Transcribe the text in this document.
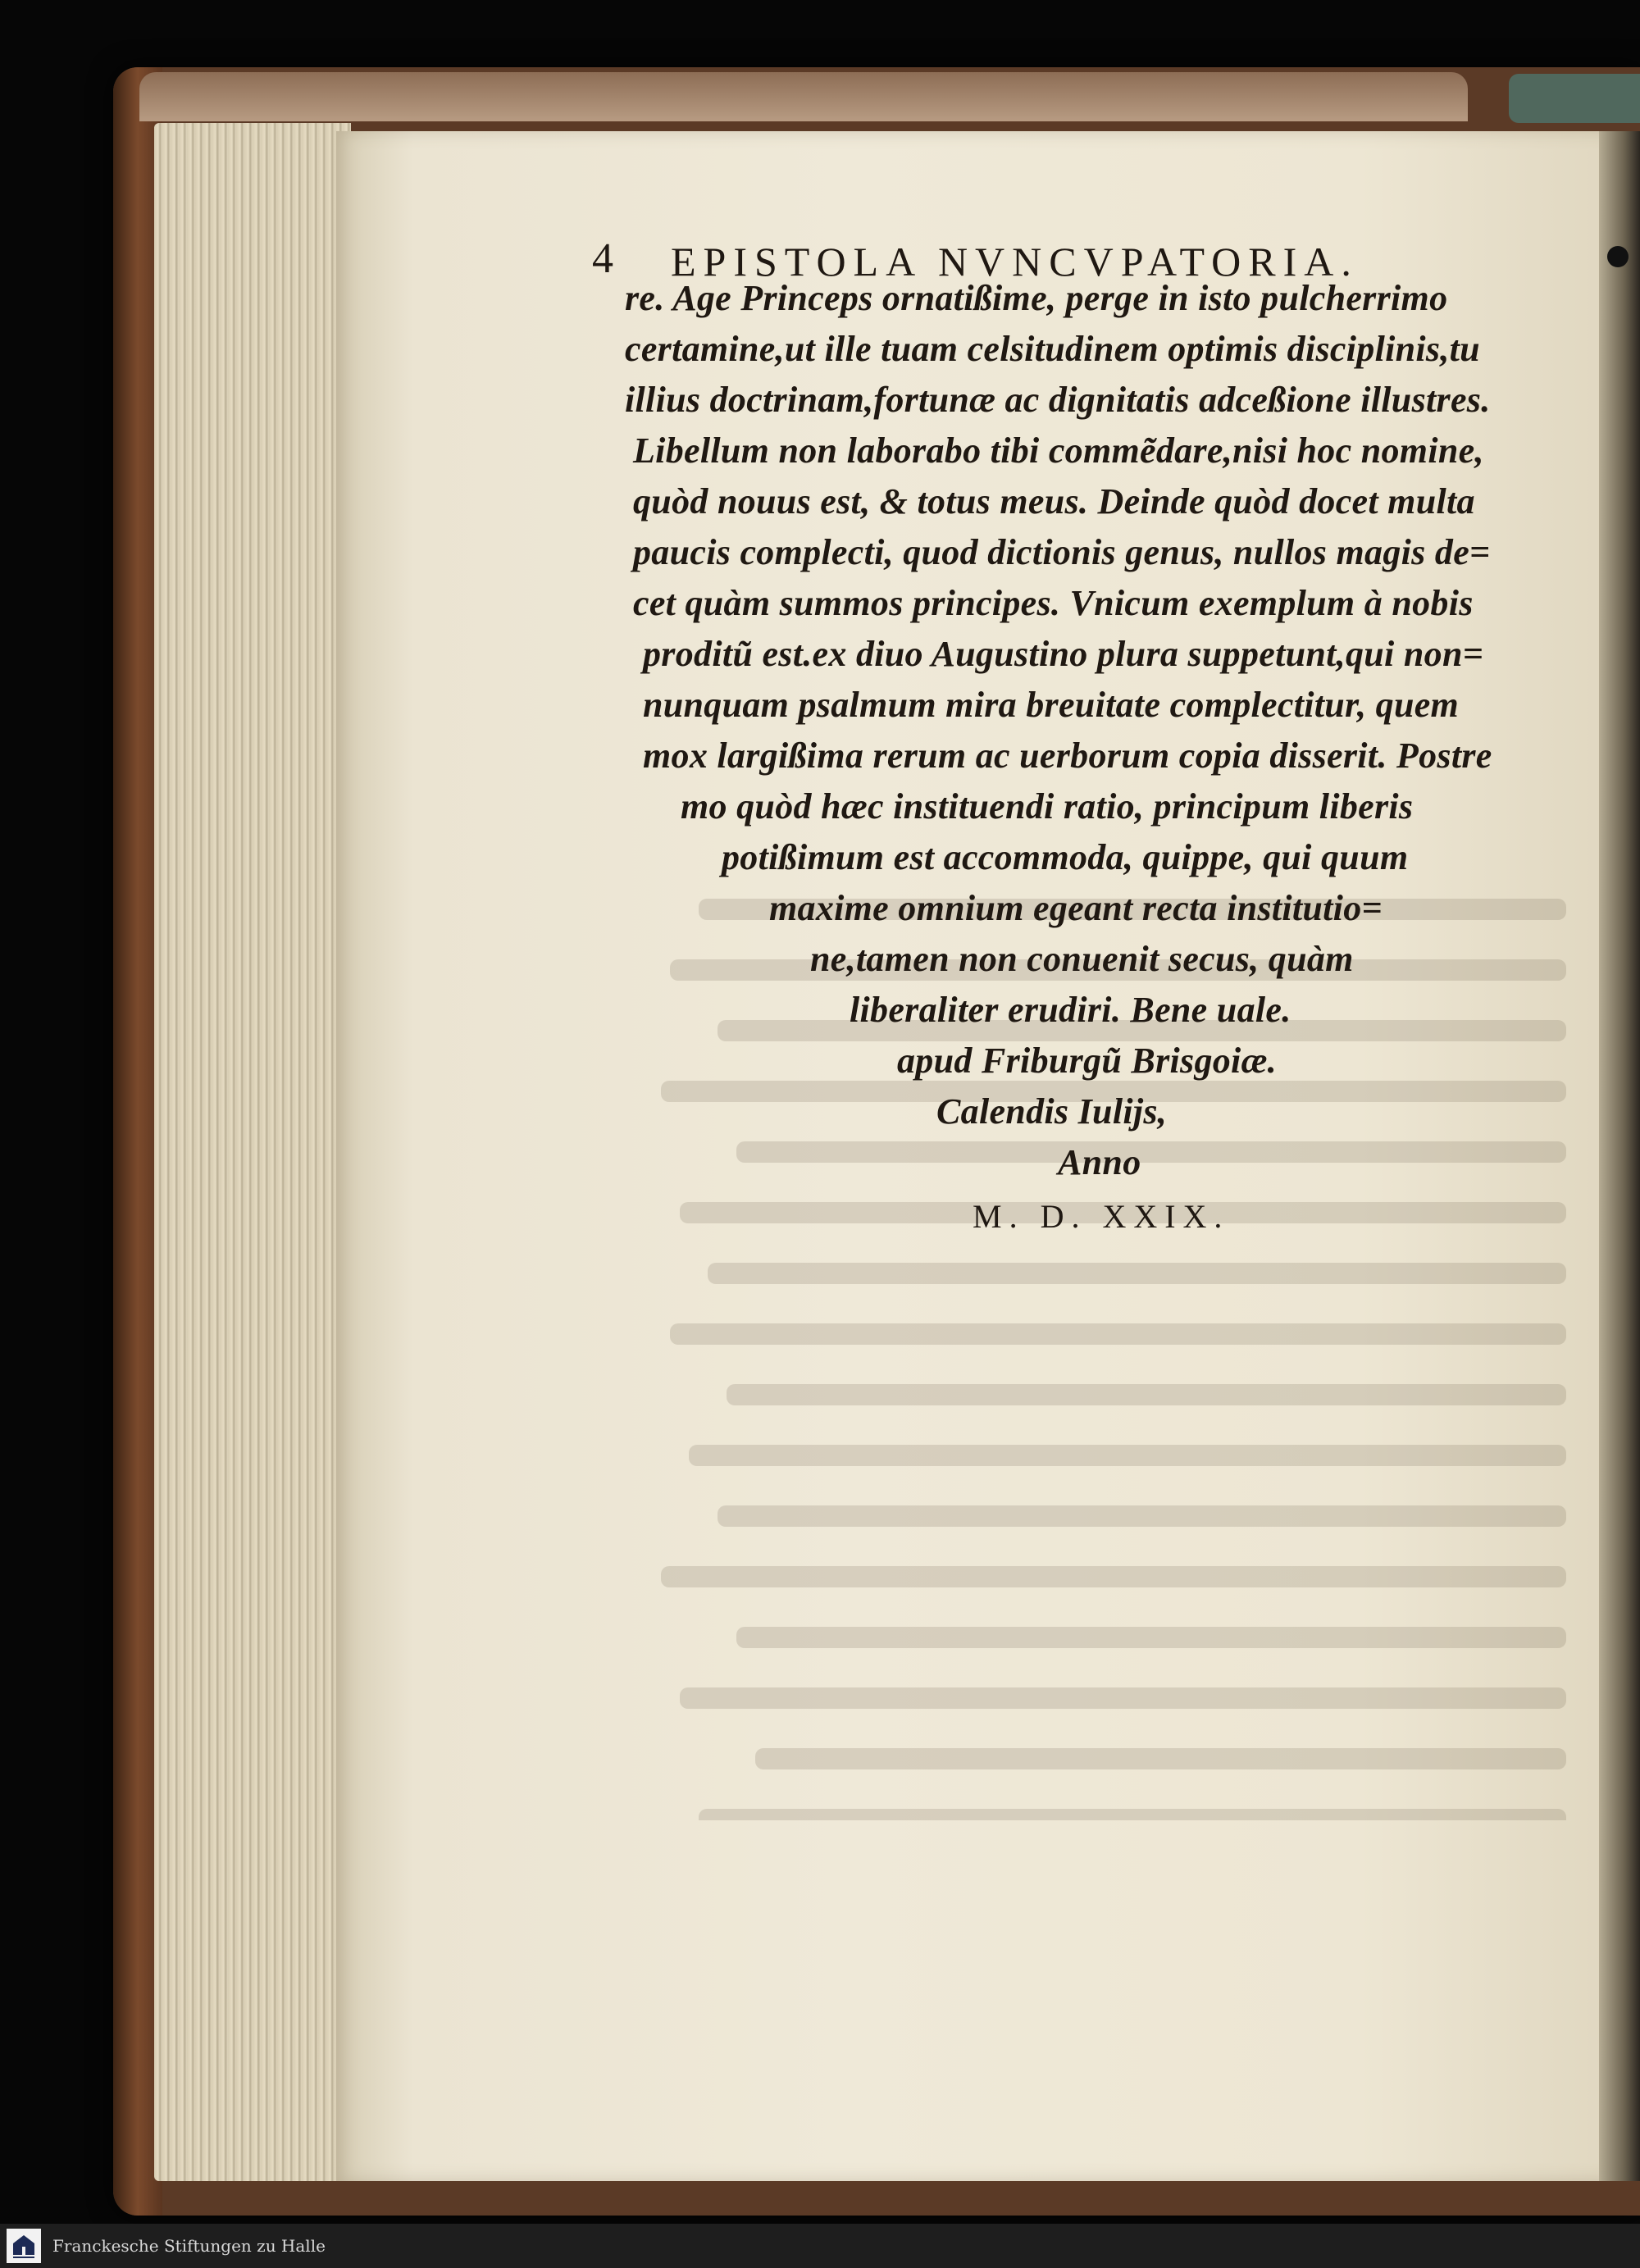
4 EPISTOLA NVNCVPATORIA.
re. Age Princeps ornatißime, perge in isto pulcherrimo
certamine,ut ille tuam celsitudinem optimis disciplinis,tu
illius doctrinam,fortunæ ac dignitatis adceßione illustres.
Libellum non laborabo tibi commẽdare,nisi hoc nomine,
quòd nouus est, & totus meus. Deinde quòd docet multa
paucis complecti, quod dictionis genus, nullos magis de=
cet quàm summos principes. Vnicum exemplum à nobis
proditũ est.ex diuo Augustino plura suppetunt,qui non=
nunquam psalmum mira breuitate complectitur, quem
mox largißima rerum ac uerborum copia disserit. Postre
mo quòd hæc instituendi ratio, principum liberis
potißimum est accommoda, quippe, qui quum
maxime omnium egeant recta institutio=
ne,tamen non conuenit secus, quàm
liberaliter erudiri. Bene uale.
apud Friburgũ Brisgoiæ.
Calendis Iulijs,
Anno
M. D. XXIX.
Franckesche Stiftungen zu Halle
